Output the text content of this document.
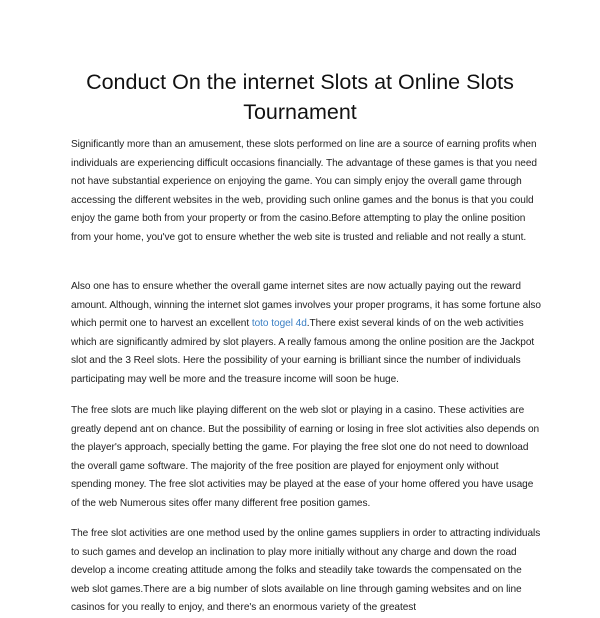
Conduct On the internet Slots at Online Slots Tournament

Significantly more than an amusement, these slots performed on line are a source of earning profits when individuals are experiencing difficult occasions financially. The advantage of these games is that you need not have substantial experience on enjoying the game. You can simply enjoy the overall game through accessing the different websites in the web, providing such online games and the bonus is that you could enjoy the game both from your property or from the casino.Before attempting to play the online position from your home, you've got to ensure whether the web site is trusted and reliable and not really a stunt.

Also one has to ensure whether the overall game internet sites are now actually paying out the reward amount. Although, winning the internet slot games involves your proper programs, it has some fortune also which permit one to harvest an excellent toto togel 4d.There exist several kinds of on the web activities which are significantly admired by slot players. A really famous among the online position are the Jackpot slot and the 3 Reel slots. Here the possibility of your earning is brilliant since the number of individuals participating may well be more and the treasure income will soon be huge.

The free slots are much like playing different on the web slot or playing in a casino. These activities are greatly depend ant on chance. But the possibility of earning or losing in free slot activities also depends on the player's approach, specially betting the game. For playing the free slot one do not need to download the overall game software. The majority of the free position are played for enjoyment only without spending money. The free slot activities may be played at the ease of your home offered you have usage of the web Numerous sites offer many different free position games.

The free slot activities are one method used by the online games suppliers in order to attracting individuals to such games and develop an inclination to play more initially without any charge and down the road develop a income creating attitude among the folks and steadily take towards the compensated on the web slot games.There are a big number of slots available on line through gaming websites and on line casinos for you really to enjoy, and there's an enormous variety of the greatest
